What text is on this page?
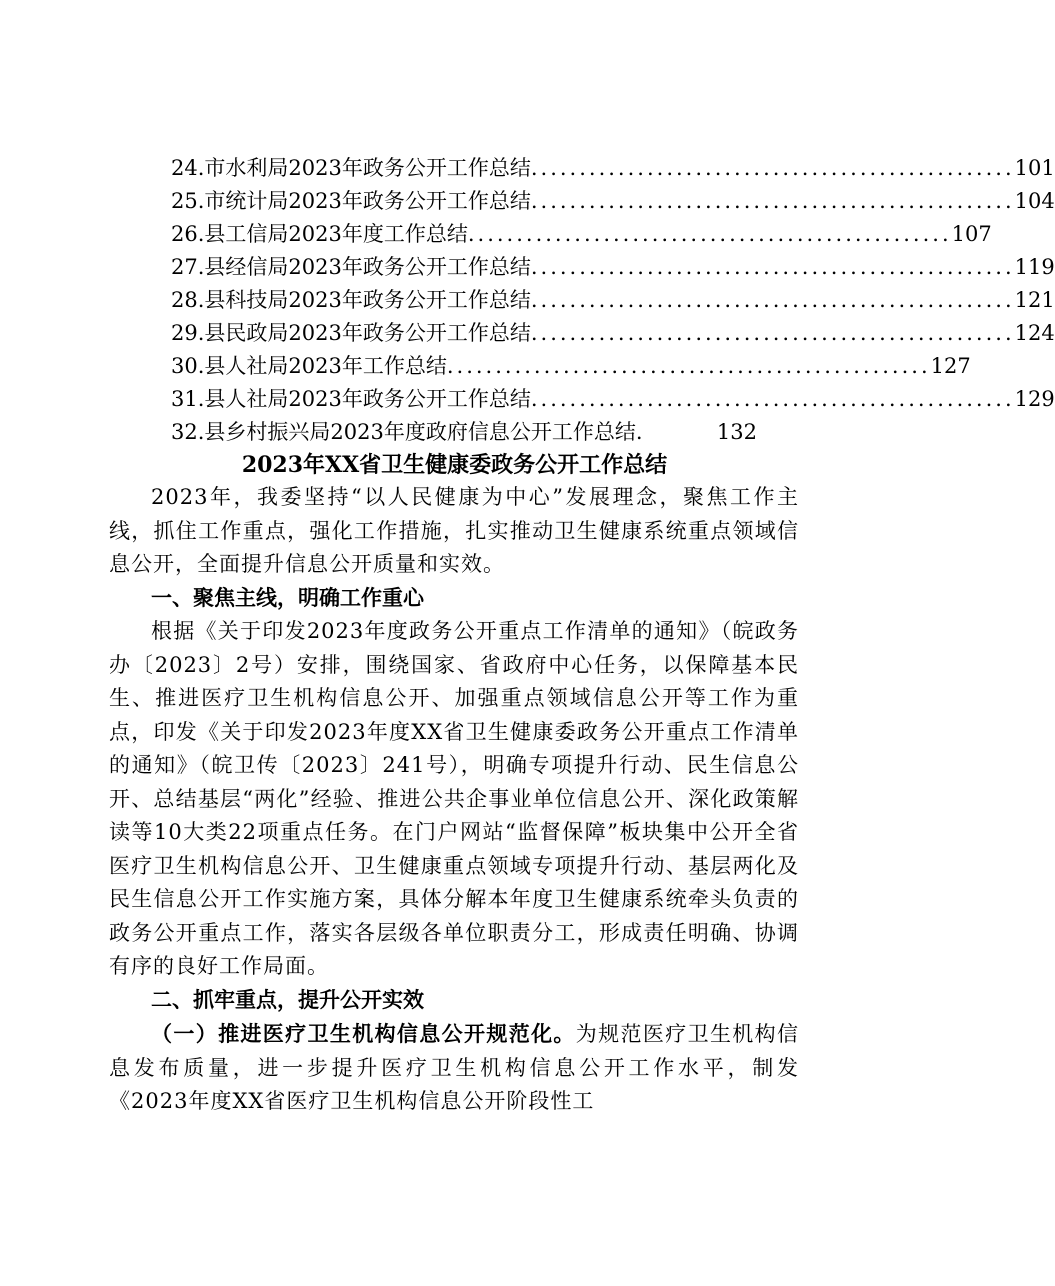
24. 市水利局2023年政务公开工作总结 .................................................. 101
25. 市统计局2023年政务公开工作总结 .................................................. 104
26. 县工信局2023年度工作总结 .................................................. 107
27. 县经信局2023年政务公开工作总结 .................................................. 119
28. 县科技局2023年政务公开工作总结 .................................................. 121
29. 县民政局2023年政务公开工作总结 .................................................. 124
30. 县人社局2023年工作总结 .................................................. 127
31. 县人社局2023年政务公开工作总结 .................................................. 129
32. 县乡村振兴局2023年度政府信息公开工作总结 .	132
2023年XX省卫生健康委政务公开工作总结

2023年，我委坚持“以人民健康为中心”发展理念，聚焦工作主线，抓住工作重点，强化工作措施，扎实推动卫生健康系统重点领域信息公开，全面提升信息公开质量和实效。

一、聚焦主线，明确工作重心

根据《关于印发2023年度政务公开重点工作清单的通知》（皖政务办〔2023〕2号）安排，围绕国家、省政府中心任务，以保障基本民生、推进医疗卫生机构信息公开、加强重点领域信息公开等工作为重点，印发《关于印发2023年度XX省卫生健康委政务公开重点工作清单的通知》（皖卫传〔2023〕241号），明确专项提升行动、民生信息公开、总结基层“两化”经验、推进公共企事业单位信息公开、深化政策解读等10大类22项重点任务。在门户网站“监督保障”板块集中公开全省医疗卫生机构信息公开、卫生健康重点领域专项提升行动、基层两化及民生信息公开工作实施方案，具体分解本年度卫生健康系统牵头负责的政务公开重点工作，落实各层级各单位职责分工，形成责任明确、协调有序的良好工作局面。

二、抓牢重点，提升公开实效

（一）推进医疗卫生机构信息公开规范化。为规范医疗卫生机构信息发布质量，进一步提升医疗卫生机构信息公开工作水平，制发《2023年度XX省医疗卫生机构信息公开阶段性工
